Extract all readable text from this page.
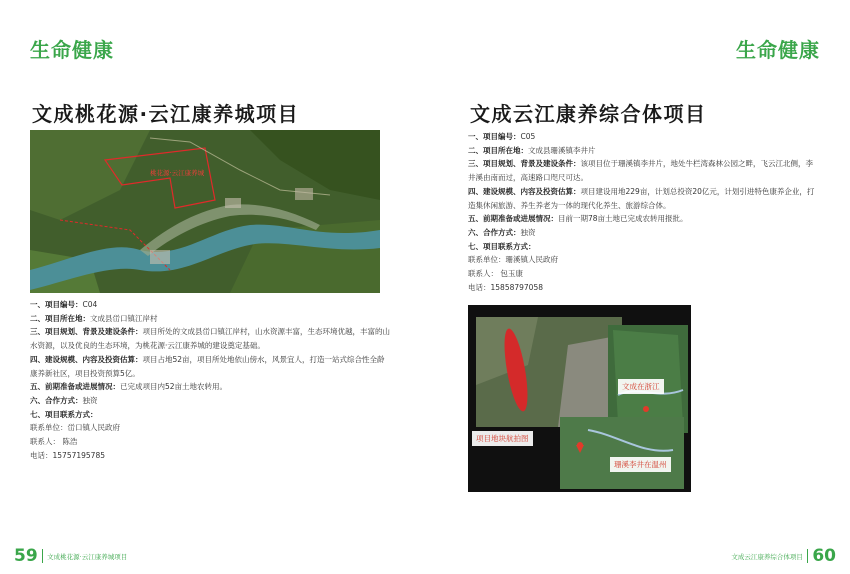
生命健康
文成桃花源·云江康养城项目
桃花源·云江康养城
一、项目编号：C04
二、项目所在地：文成县峃口镇江岸村
三、项目规划、背景及建设条件：项目所处的文成县峃口镇江岸村，山水资源丰富，生态环境优越，丰富的山水资源，以及优良的生态环境，为桃花源·云江康养城的建设奠定基础。
四、建设规模、内容及投资估算：项目占地52亩，项目所处地依山傍水，风景宜人，打造一站式综合性全龄康养新社区，项目投资预算5亿。
五、前期准备或进展情况：已完成项目内52亩土地农转用。
六、合作方式：独资
七、项目联系方式：
联系单位：峃口镇人民政府
联系人： 陈浩
电话：15757195785
59 文成桃花源·云江康养城项目
生命健康
文成云江康养综合体项目
一、项目编号：C05
二、项目所在地：文成县珊溪镇李井片
三、项目规划、背景及建设条件：该项目位于珊溪镇李井片，地处牛栏湾森林公园之畔，飞云江北侧，李井溪由南而过，高速路口咫尺可达。
四、建设规模、内容及投资估算：项目建设用地229亩，计划总投资20亿元，计划引进特色康养企业，打造集休闲旅游、养生养老为一体的现代化养生、旅游综合体。
五、前期准备或进展情况：目前一期78亩土地已完成农转用报批。
六、合作方式：独资
七、项目联系方式：
联系单位：珊溪镇人民政府
联系人： 包玉康
电话：15858797058
项目地块航拍图
文成在浙江
珊溪李井在温州
文成云江康养综合体项目 60
